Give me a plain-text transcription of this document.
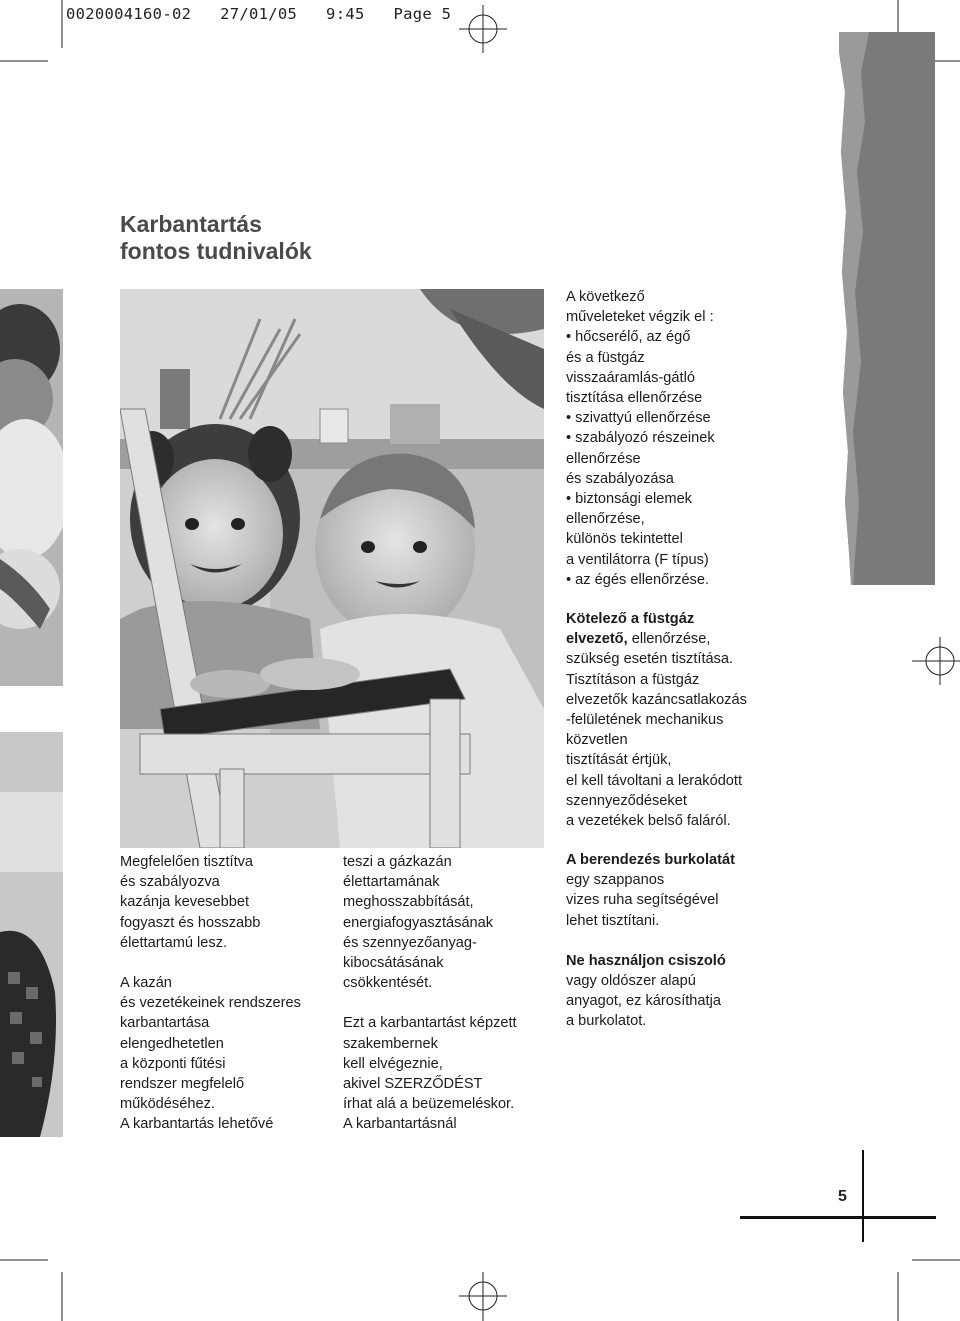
0020004160-02   27/01/05   9:45   Page 5
Karbantartás
fontos tudnivalók
A következő
műveleteket végzik el :
• hőcserélő, az égő
és a füstgáz
visszaáramlás-gátló
tisztítása ellenőrzése
• szivattyú ellenőrzése
• szabályozó részeinek
ellenőrzése
és szabályozása
• biztonsági elemek
ellenőrzése,
különös tekintettel
a ventilátorra (F típus)
• az égés ellenőrzése.
Kötelező a füstgáz
elvezető, ellenőrzése,
szükség esetén tisztítása.
Tisztításon a füstgáz
elvezetők kazáncsatlakozás
-felületének mechanikus
közvetlen
tisztítását értjük,
el kell távoltani a lerakódott
szennyeződéseket
a vezetékek belső faláról.
Megfelelően tisztítva
és szabályozva
kazánja kevesebbet
fogyaszt és hosszabb
élettartamú lesz.
A kazán
és vezetékeinek rendszeres
karbantartása
elengedhetetlen
a központi fűtési
rendszer megfelelő
működéséhez.
A karbantartás lehetővé
teszi a gázkazán
élettartamának
meghosszabbítását,
energiafogyasztásának
és szennyezőanyag-
kibocsátásának
csökkentését.
Ezt a karbantartást képzett
szakembernek
kell elvégeznie,
akivel SZERZŐDÉST
írhat alá a beüzemeléskor.
A karbantartásnál
A berendezés burkolatát
egy szappanos
vizes ruha segítségével
lehet tisztítani.
Ne használjon csiszoló
vagy oldószer alapú
anyagot, ez károsíthatja
a burkolatot.
5
